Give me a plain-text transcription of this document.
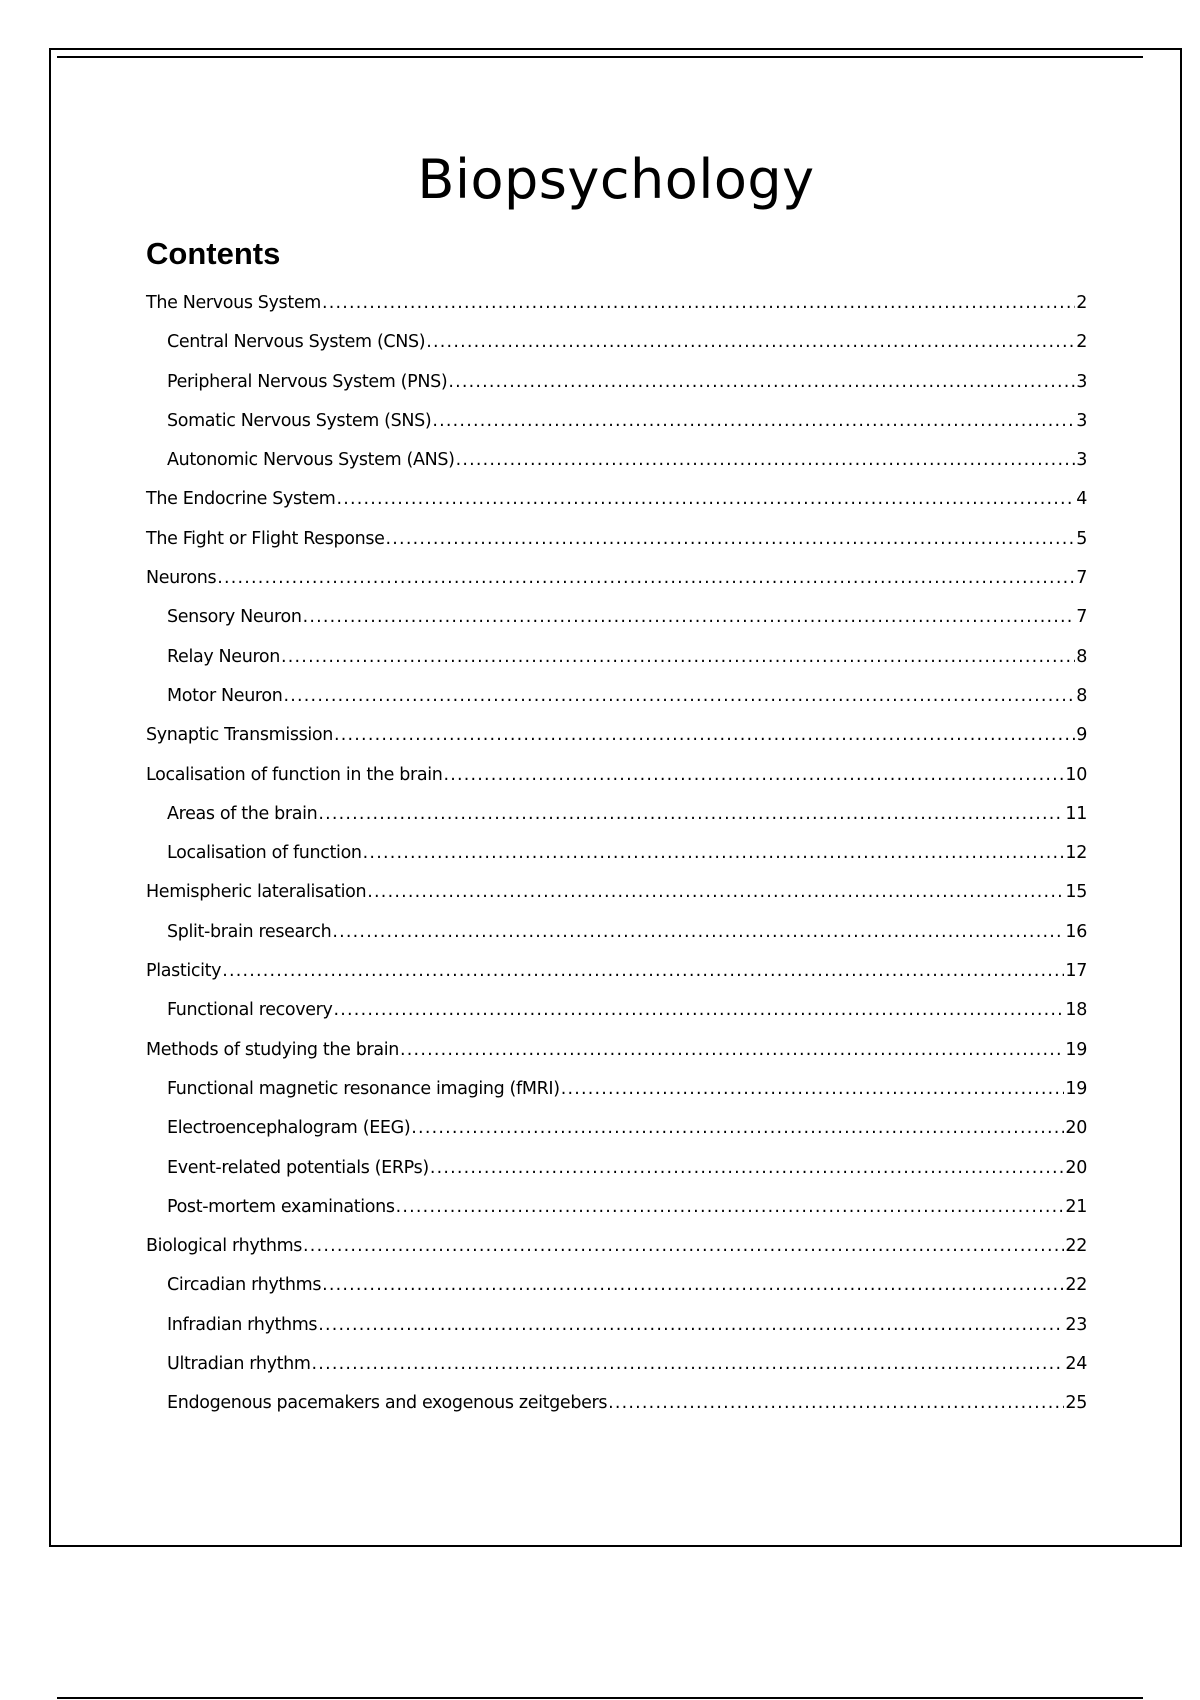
Biopsychology
Contents
The Nervous System .....	2
Central Nervous System (CNS) .....	2
Peripheral Nervous System (PNS) .....	3
Somatic Nervous System (SNS) .....	3
Autonomic Nervous System (ANS) .....	3
The Endocrine System .....	4
The Fight or Flight Response .....	5
Neurons .....	7
Sensory Neuron .....	7
Relay Neuron .....	8
Motor Neuron .....	8
Synaptic Transmission .....	9
Localisation of function in the brain .....	10
Areas of the brain .....	11
Localisation of function .....	12
Hemispheric lateralisation .....	15
Split-brain research .....	16
Plasticity .....	17
Functional recovery .....	18
Methods of studying the brain .....	19
Functional magnetic resonance imaging (fMRI) .....	19
Electroencephalogram (EEG) .....	20
Event-related potentials (ERPs) .....	20
Post-mortem examinations .....	21
Biological rhythms .....	22
Circadian rhythms .....	22
Infradian rhythms .....	23
Ultradian rhythm .....	24
Endogenous pacemakers and exogenous zeitgebers .....	25
